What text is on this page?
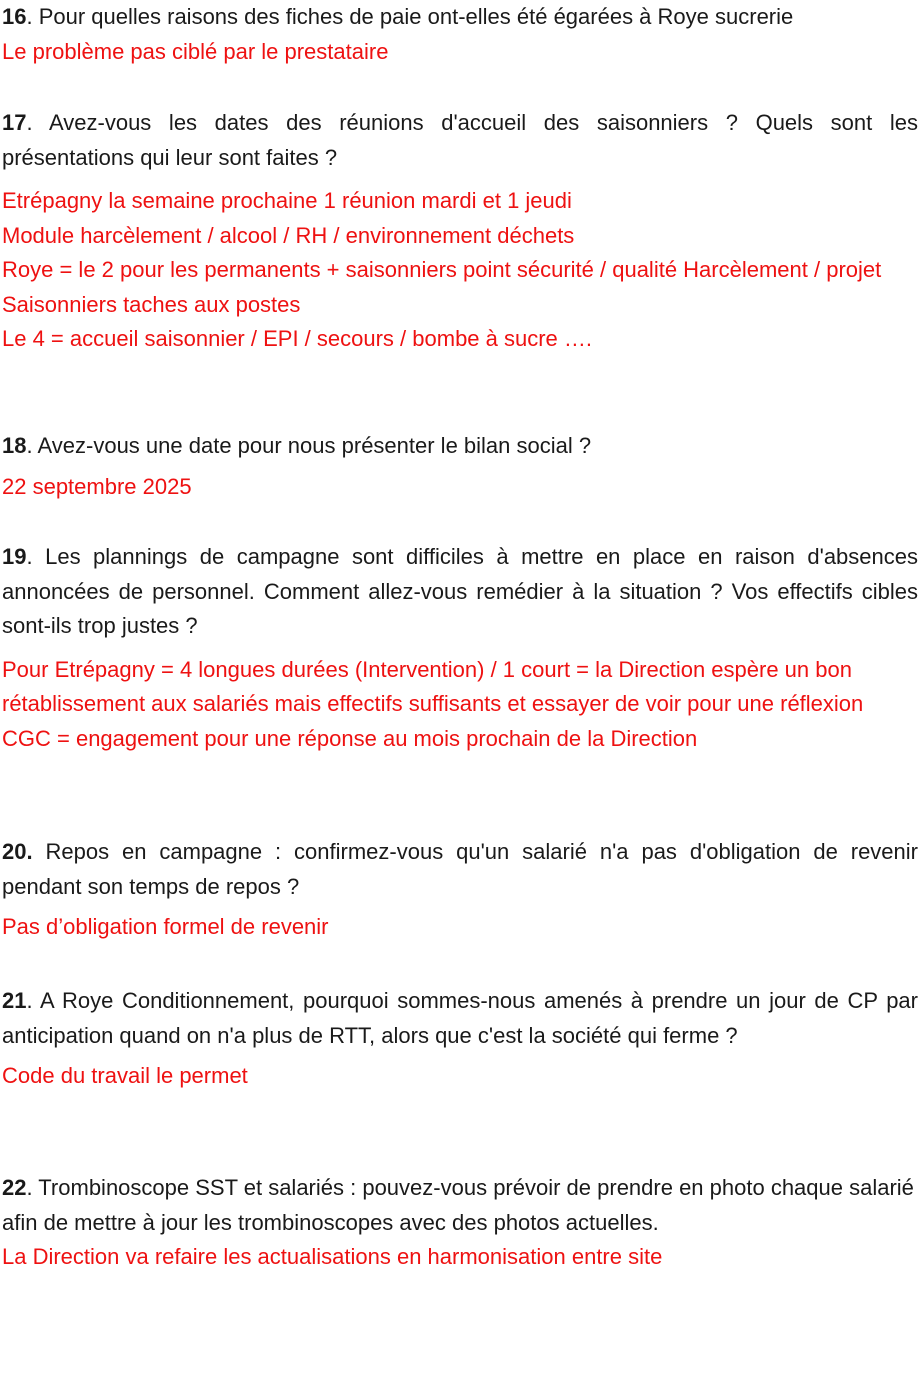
16. Pour quelles raisons des fiches de paie ont-elles été égarées à Roye sucrerie

Le problème pas ciblé par le prestataire

17. Avez-vous les dates des réunions d'accueil des saisonniers ? Quels sont les présentations qui leur sont faites ?

Etrépagny la semaine prochaine 1 réunion mardi et 1 jeudi

Module harcèlement / alcool / RH / environnement déchets

Roye = le 2 pour les permanents + saisonniers point sécurité / qualité Harcèlement / projet

Saisonniers taches aux postes

Le 4 = accueil saisonnier / EPI / secours / bombe à sucre ….

18. Avez-vous une date pour nous présenter le bilan social ?

22 septembre 2025

19. Les plannings de campagne sont difficiles à mettre en place en raison d'absences annoncées de personnel. Comment allez-vous remédier à la situation ? Vos effectifs cibles sont-ils trop justes ?

Pour Etrépagny = 4 longues durées (Intervention) / 1 court = la Direction espère un bon rétablissement aux salariés mais effectifs suffisants et essayer de voir pour une réflexion

CGC = engagement pour une réponse au mois prochain de la Direction

20. Repos en campagne : confirmez-vous qu'un salarié n'a pas d'obligation de revenir pendant son temps de repos ?

Pas d’obligation formel de revenir

21. A Roye Conditionnement, pourquoi sommes-nous amenés à prendre un jour de CP par anticipation quand on n'a plus de RTT, alors que c'est la société qui ferme ?

Code du travail le permet

22. Trombinoscope SST et salariés : pouvez-vous prévoir de prendre en photo chaque salarié afin de mettre à jour les trombinoscopes avec des photos actuelles.

La Direction va refaire les actualisations en harmonisation entre site
